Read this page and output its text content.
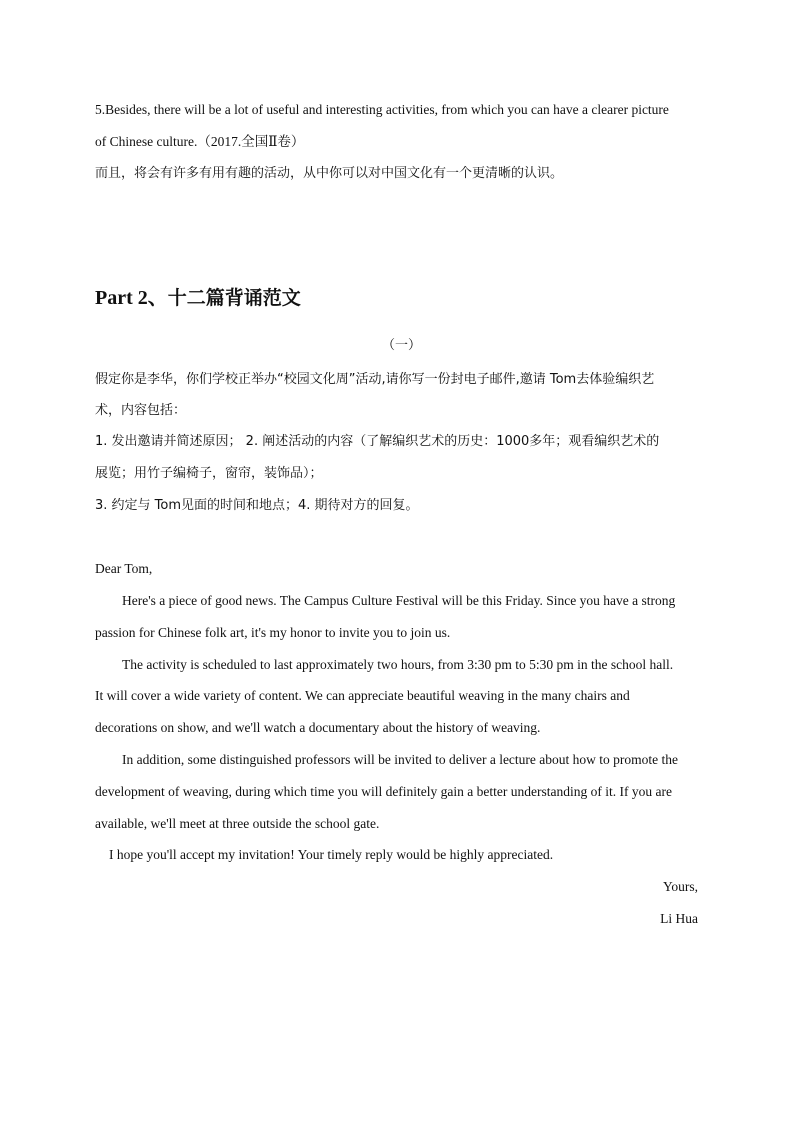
5.Besides, there will be a lot of useful and interesting activities, from which you can have a clearer picture
of Chinese culture.（2017.全国Ⅱ卷）
而且，将会有许多有用有趣的活动，从中你可以对中国文化有一个更清晰的认识。
Part 2、十二篇背诵范文
（一）
假定你是李华，你们学校正举办“校园文化周”活动,请你写一份封电子邮件,邀请 Tom去体验编织艺
术，内容包括：
1. 发出邀请并简述原因； 2. 阐述活动的内容（了解编织艺术的历史：1000多年；观看编织艺术的
展览；用竹子编椅子，窗帘，装饰品）；
3. 约定与 Tom见面的时间和地点；4. 期待对方的回复。
Dear Tom,
Here's a piece of good news. The Campus Culture Festival will be this Friday. Since you have a strong
passion for Chinese folk art, it's my honor to invite you to join us.
The activity is scheduled to last approximately two hours, from 3:30 pm to 5:30 pm in the school hall.
It will cover a wide variety of content. We can appreciate beautiful weaving in the many chairs and
decorations on show, and we'll watch a documentary about the history of weaving.
In addition, some distinguished professors will be invited to deliver a lecture about how to promote the
development of weaving, during which time you will definitely gain a better understanding of it. If you are
available, we'll meet at three outside the school gate.
I hope you'll accept my invitation! Your timely reply would be highly appreciated.
Yours,
Li Hua
